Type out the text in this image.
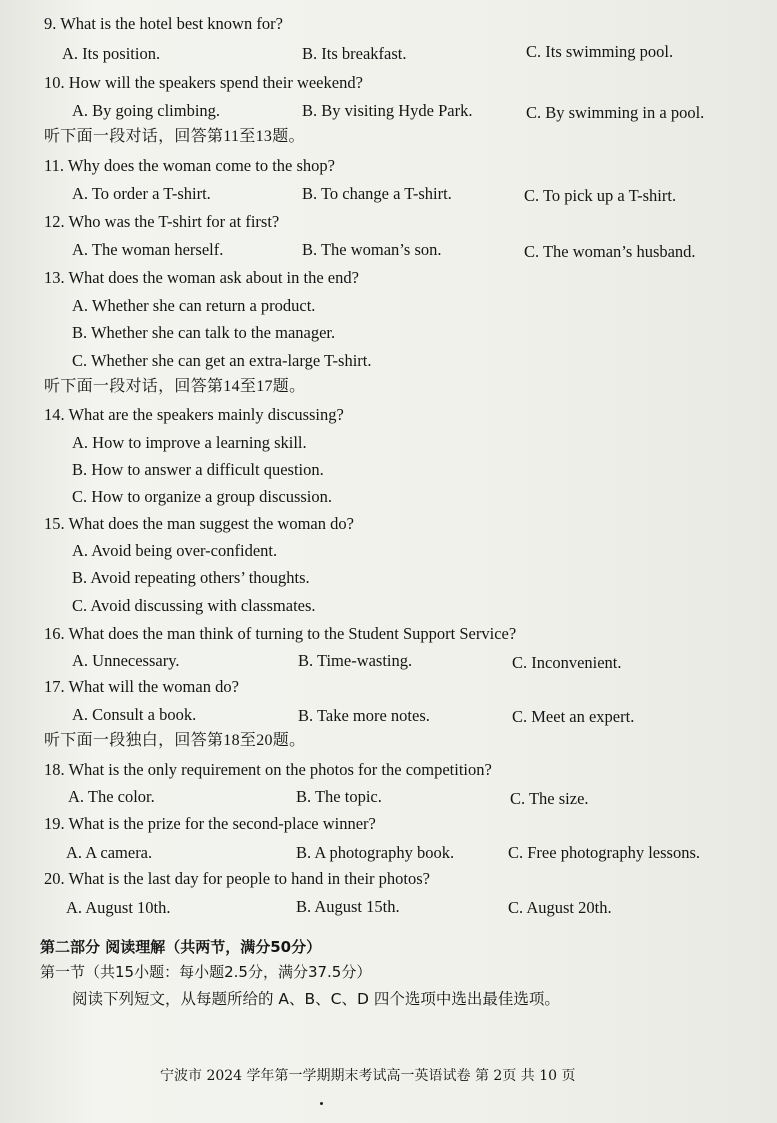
9. What is the hotel best known for?
A. Its position.	B. Its breakfast.	C. Its swimming pool.
10. How will the speakers spend their weekend?
A. By going climbing.	B. By visiting Hyde Park.	C. By swimming in a pool.
听下面一段对话，回答第11至13题。
11. Why does the woman come to the shop?
A. To order a T-shirt.	B. To change a T-shirt.	C. To pick up a T-shirt.
12. Who was the T-shirt for at first?
A. The woman herself.	B. The woman’s son.	C. The woman’s husband.
13. What does the woman ask about in the end?
A. Whether she can return a product.
B. Whether she can talk to the manager.
C. Whether she can get an extra-large T-shirt.
听下面一段对话，回答第14至17题。
14. What are the speakers mainly discussing?
A. How to improve a learning skill.
B. How to answer a difficult question.
C. How to organize a group discussion.
15. What does the man suggest the woman do?
A. Avoid being over-confident.
B. Avoid repeating others’ thoughts.
C. Avoid discussing with classmates.
16. What does the man think of turning to the Student Support Service?
A. Unnecessary.	B. Time-wasting.	C. Inconvenient.
17. What will the woman do?
A. Consult a book.	B. Take more notes.	C. Meet an expert.
听下面一段独白，回答第18至20题。
18. What is the only requirement on the photos for the competition?
A. The color.	B. The topic.	C. The size.
19. What is the prize for the second-place winner?
A. A camera.	B. A photography book.	C. Free photography lessons.
20. What is the last day for people to hand in their photos?
A. August 10th.	B. August 15th.	C. August 20th.
第二部分 阅读理解（共两节，满分50分）
第一节（共15小题：每小题2.5分，满分37.5分）
阅读下列短文，从每题所给的 A、B、C、D 四个选项中选出最佳选项。
宁波市 2024 学年第一学期期末考试高一英语试卷 第 2页 共 10 页
